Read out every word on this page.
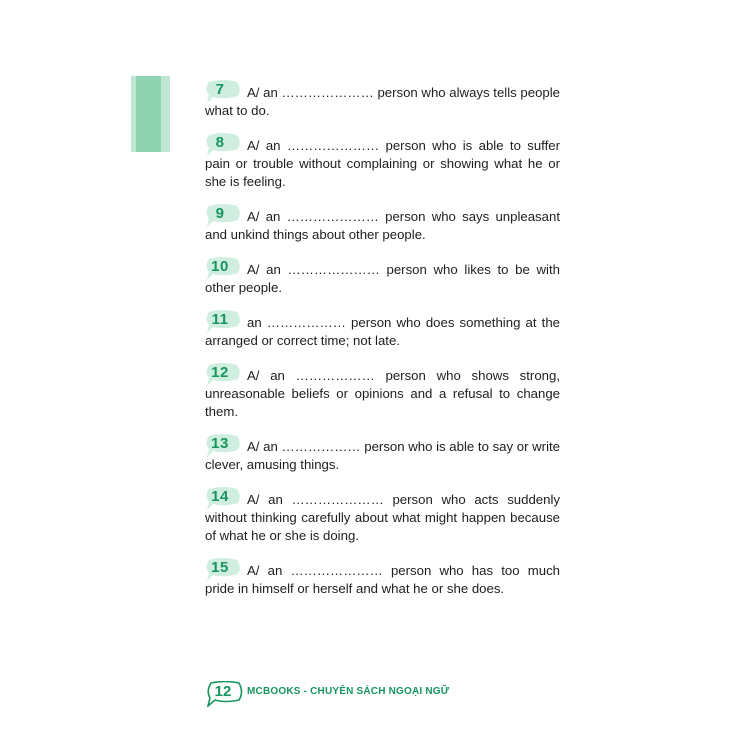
7	A/ an ………………… person who always tells people what to do.

8	A/ an ………………… person who is able to suffer pain or trouble without complaining or showing what he or she is feeling.

9	A/ an ………………… person who says unpleasant and unkind things about other people.

10	A/ an ………………… person who likes to be with other people.

11	an ……………… person who does something at the arranged or correct time; not late.

12	A/ an ……………… person who shows strong, unreasonable beliefs or opinions and a refusal to change them.

13	A/ an ……………… person who is able to say or write clever, amusing things.

14	A/ an ………………… person who acts suddenly without thinking carefully about what might happen because of what he or she is doing.

15	A/ an ………………… person who has too much pride in himself or herself and what he or she does.

12	MCBOOKS - CHUYÊN SÁCH NGOẠI NGỮ
